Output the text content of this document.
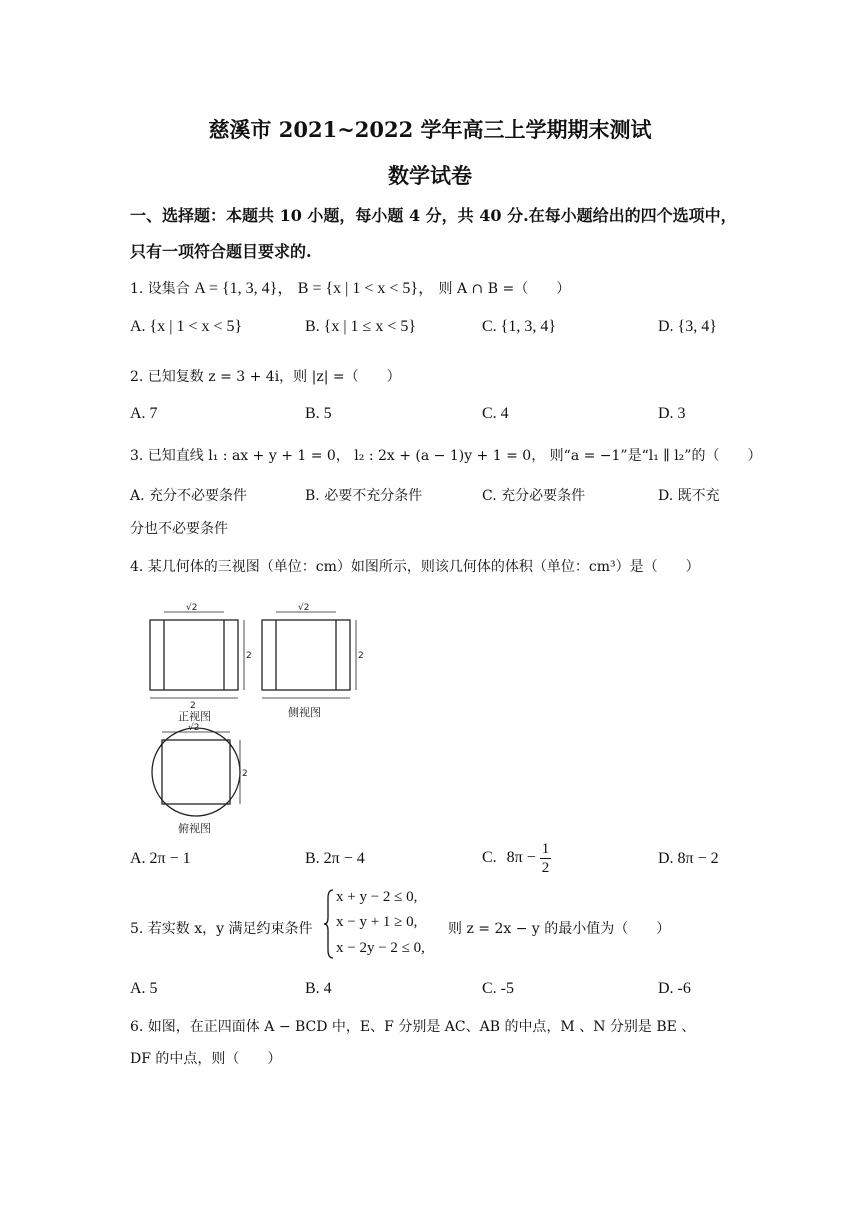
慈溪市 2021~2022 学年高三上学期期末测试
数学试卷
一、选择题：本题共 10 小题，每小题 4 分，共 40 分.在每小题给出的四个选项中，
只有一项符合题目要求的.
1. 设集合 A = {1, 3, 4}， B = {x | 1 < x < 5}， 则 A ∩ B =（　　）
A. {x | 1 < x < 5}	B. {x | 1 ≤ x < 5}	C. {1, 3, 4}	D. {3, 4}
2. 已知复数 z = 3 + 4i，则 |z| =（　　）
A. 7	B. 5	C. 4	D. 3
3. 已知直线 l₁ : ax + y + 1 = 0， l₂ : 2x + (a − 1)y + 1 = 0， 则“a = −1”是“l₁ ∥ l₂”的（　　）
A. 充分不必要条件	B. 必要不充分条件	C. 充分必要条件	D. 既不充
分也不必要条件
4. 某几何体的三视图（单位：cm）如图所示，则该几何体的体积（单位：cm³）是（　　）
√2
2
2
√2
2
√2
2
正视图	侧视图
俯视图
A. 2π − 1	B. 2π − 4	C. $8\pi - \frac{1}{2}$	D. 8π − 2
5. 若实数 x，y 满足约束条件
x + y − 2 ≤ 0,
x − y + 1 ≥ 0,
x − 2y − 2 ≤ 0,
则 z = 2x − y 的最小值为（　　）
A. 5	B. 4	C. -5	D. -6
6. 如图，在正四面体 A − BCD 中，E、F 分别是 AC、AB 的中点，M 、N 分别是 BE 、
DF 的中点，则（　　）
